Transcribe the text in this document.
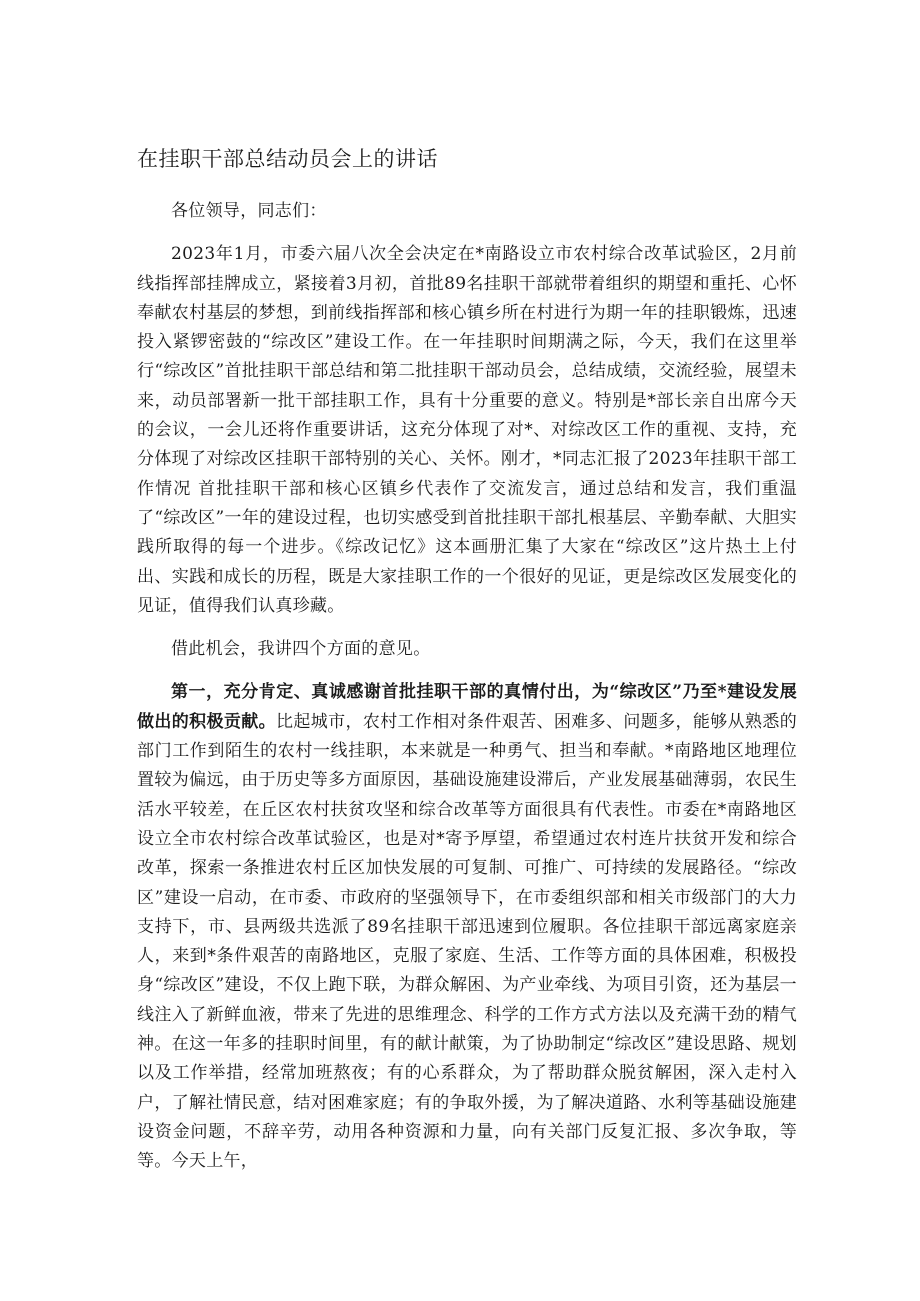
在挂职干部总结动员会上的讲话

各位领导，同志们：

2023年1月，市委六届八次全会决定在*南路设立市农村综合改革试验区，2月前线指挥部挂牌成立，紧接着3月初，首批89名挂职干部就带着组织的期望和重托、心怀奉献农村基层的梦想，到前线指挥部和核心镇乡所在村进行为期一年的挂职锻炼，迅速投入紧锣密鼓的“综改区”建设工作。在一年挂职时间期满之际，今天，我们在这里举行“综改区”首批挂职干部总结和第二批挂职干部动员会，总结成绩，交流经验，展望未来，动员部署新一批干部挂职工作，具有十分重要的意义。特别是*部长亲自出席今天的会议，一会儿还将作重要讲话，这充分体现了对*、对综改区工作的重视、支持，充分体现了对综改区挂职干部特别的关心、关怀。刚才，*同志汇报了2023年挂职干部工作情况 首批挂职干部和核心区镇乡代表作了交流发言，通过总结和发言，我们重温了“综改区”一年的建设过程，也切实感受到首批挂职干部扎根基层、辛勤奉献、大胆实践所取得的每一个进步。《综改记忆》这本画册汇集了大家在“综改区”这片热土上付出、实践和成长的历程，既是大家挂职工作的一个很好的见证，更是综改区发展变化的见证，值得我们认真珍藏。

借此机会，我讲四个方面的意见。

第一，充分肯定、真诚感谢首批挂职干部的真情付出，为“综改区”乃至*建设发展做出的积极贡献。比起城市，农村工作相对条件艰苦、困难多、问题多，能够从熟悉的部门工作到陌生的农村一线挂职，本来就是一种勇气、担当和奉献。*南路地区地理位置较为偏远，由于历史等多方面原因，基础设施建设滞后，产业发展基础薄弱，农民生活水平较差，在丘区农村扶贫攻坚和综合改革等方面很具有代表性。市委在*南路地区设立全市农村综合改革试验区，也是对*寄予厚望，希望通过农村连片扶贫开发和综合改革，探索一条推进农村丘区加快发展的可复制、可推广、可持续的发展路径。“综改区”建设一启动，在市委、市政府的坚强领导下，在市委组织部和相关市级部门的大力支持下，市、县两级共选派了89名挂职干部迅速到位履职。各位挂职干部远离家庭亲人，来到*条件艰苦的南路地区，克服了家庭、生活、工作等方面的具体困难，积极投身“综改区”建设，不仅上跑下联，为群众解困、为产业牵线、为项目引资，还为基层一线注入了新鲜血液，带来了先进的思维理念、科学的工作方式方法以及充满干劲的精气神。在这一年多的挂职时间里，有的献计献策，为了协助制定“综改区”建设思路、规划以及工作举措，经常加班熬夜；有的心系群众，为了帮助群众脱贫解困，深入走村入户，了解社情民意，结对困难家庭；有的争取外援，为了解决道路、水利等基础设施建设资金问题，不辞辛劳，动用各种资源和力量，向有关部门反复汇报、多次争取，等等。今天上午，
